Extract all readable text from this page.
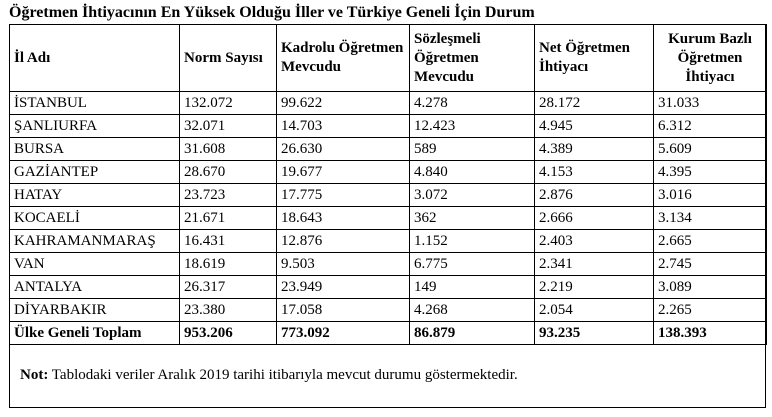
Öğretmen İhtiyacının En Yüksek Olduğu İller ve Türkiye Geneli İçin Durum
İl Adı	Norm Sayısı	Kadrolu Öğretmen Mevcudu	Sözleşmeli Öğretmen Mevcudu	Net Öğretmen İhtiyacı	Kurum Bazlı Öğretmen İhtiyacı
İSTANBUL	132.072	99.622	4.278	28.172	31.033
ŞANLIURFA	32.071	14.703	12.423	4.945	6.312
BURSA	31.608	26.630	589	4.389	5.609
GAZİANTEP	28.670	19.677	4.840	4.153	4.395
HATAY	23.723	17.775	3.072	2.876	3.016
KOCAELİ	21.671	18.643	362	2.666	3.134
KAHRAMANMARAŞ	16.431	12.876	1.152	2.403	2.665
VAN	18.619	9.503	6.775	2.341	2.745
ANTALYA	26.317	23.949	149	2.219	3.089
DİYARBAKIR	23.380	17.058	4.268	2.054	2.265
Ülke Geneli Toplam	953.206	773.092	86.879	93.235	138.393
Not: Tablodaki veriler Aralık 2019 tarihi itibarıyla mevcut durumu göstermektedir.
